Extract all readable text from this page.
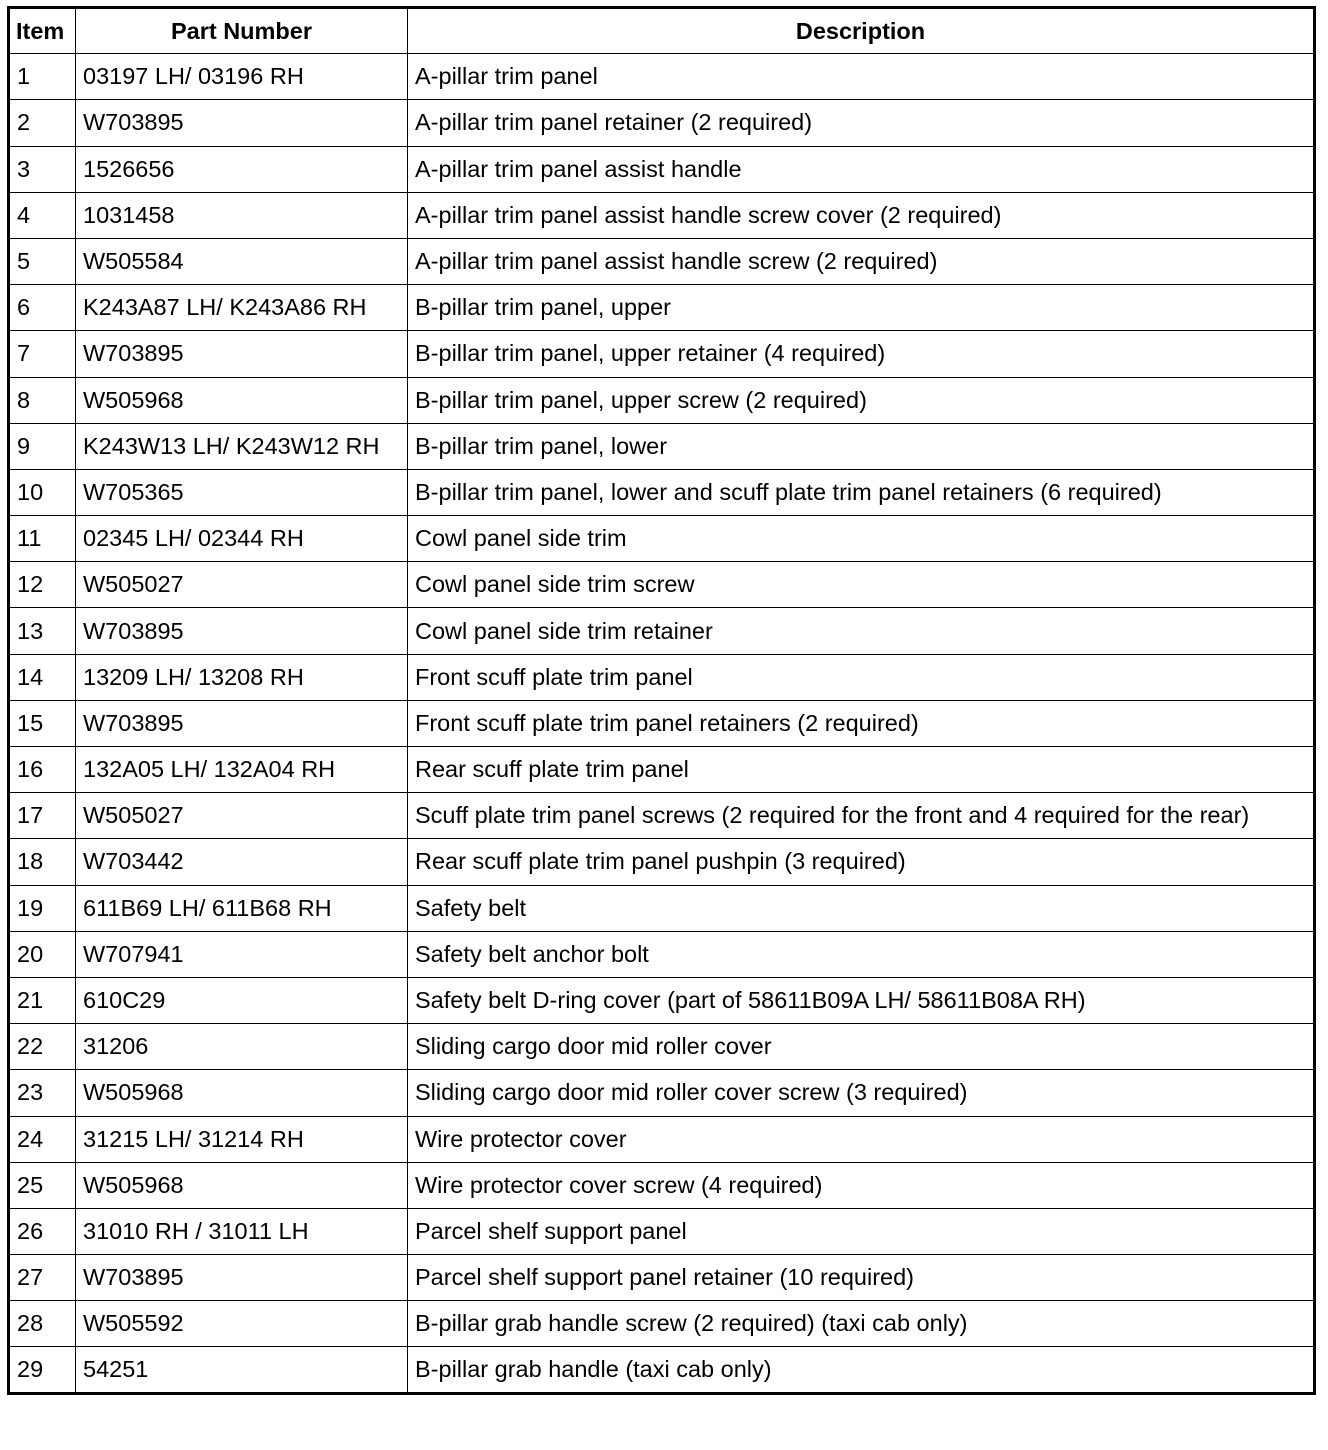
Item	Part Number	Description
1	03197 LH/ 03196 RH	A-pillar trim panel
2	W703895	A-pillar trim panel retainer (2 required)
3	1526656	A-pillar trim panel assist handle
4	1031458	A-pillar trim panel assist handle screw cover (2 required)
5	W505584	A-pillar trim panel assist handle screw (2 required)
6	K243A87 LH/ K243A86 RH	B-pillar trim panel, upper
7	W703895	B-pillar trim panel, upper retainer (4 required)
8	W505968	B-pillar trim panel, upper screw (2 required)
9	K243W13 LH/ K243W12 RH	B-pillar trim panel, lower
10	W705365	B-pillar trim panel, lower and scuff plate trim panel retainers (6 required)
11	02345 LH/ 02344 RH	Cowl panel side trim
12	W505027	Cowl panel side trim screw
13	W703895	Cowl panel side trim retainer
14	13209 LH/ 13208 RH	Front scuff plate trim panel
15	W703895	Front scuff plate trim panel retainers (2 required)
16	132A05 LH/ 132A04 RH	Rear scuff plate trim panel
17	W505027	Scuff plate trim panel screws (2 required for the front and 4 required for the rear)
18	W703442	Rear scuff plate trim panel pushpin (3 required)
19	611B69 LH/ 611B68 RH	Safety belt
20	W707941	Safety belt anchor bolt
21	610C29	Safety belt D-ring cover (part of 58611B09A LH/ 58611B08A RH)
22	31206	Sliding cargo door mid roller cover
23	W505968	Sliding cargo door mid roller cover screw (3 required)
24	31215 LH/ 31214 RH	Wire protector cover
25	W505968	Wire protector cover screw (4 required)
26	31010 RH / 31011 LH	Parcel shelf support panel
27	W703895	Parcel shelf support panel retainer (10 required)
28	W505592	B-pillar grab handle screw (2 required) (taxi cab only)
29	54251	B-pillar grab handle (taxi cab only)
